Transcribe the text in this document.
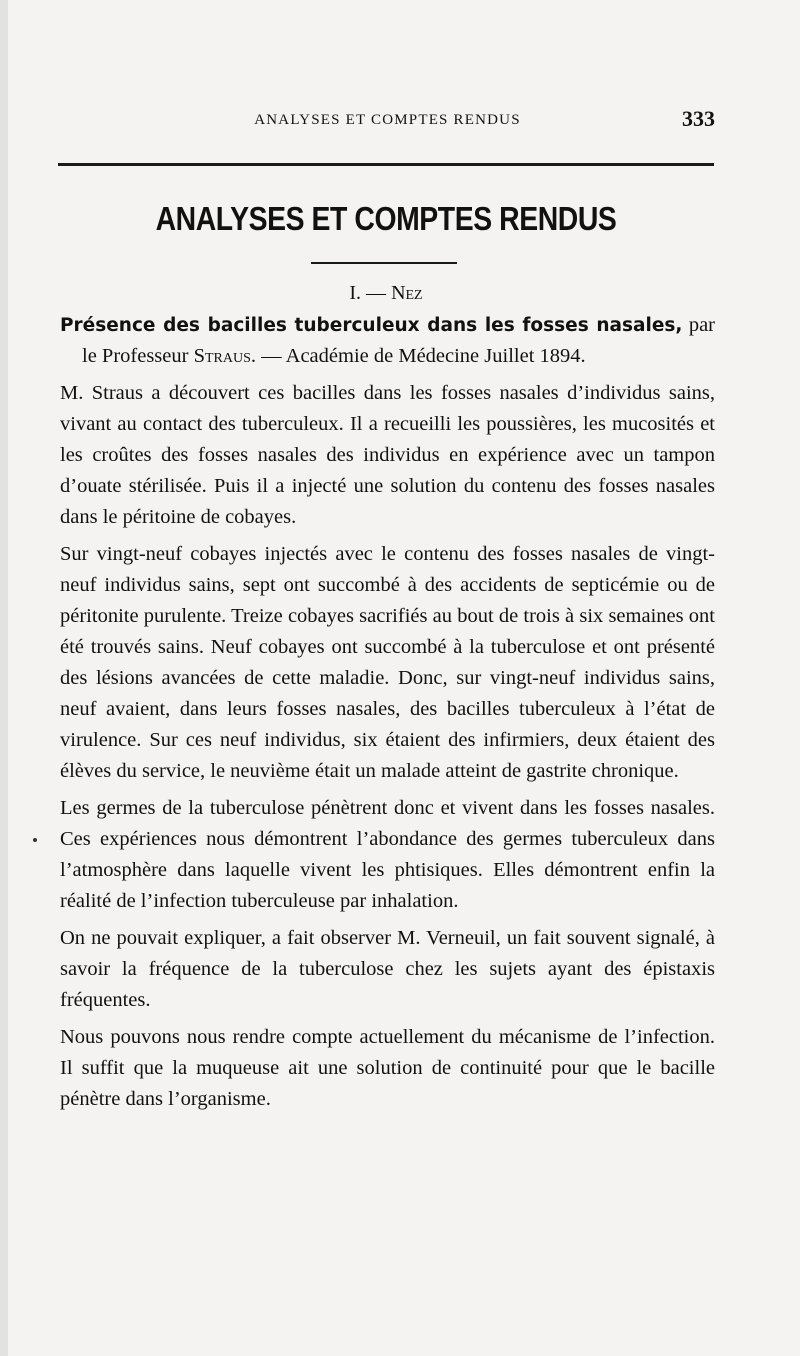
ANALYSES ET COMPTES RENDUS	333
ANALYSES ET COMPTES RENDUS
I. — Nez

Présence des bacilles tuberculeux dans les fosses nasales, par le Professeur Straus. — Académie de Médecine Juillet 1894.

M. Straus a découvert ces bacilles dans les fosses nasales d’individus sains, vivant au contact des tuberculeux. Il a recueilli les poussières, les mucosités et les croûtes des fosses nasales des individus en expérience avec un tampon d’ouate stérilisée. Puis il a injecté une solution du contenu des fosses nasales dans le péritoine de cobayes.

Sur vingt-neuf cobayes injectés avec le contenu des fosses nasales de vingt-neuf individus sains, sept ont succombé à des accidents de septicémie ou de péritonite purulente. Treize cobayes sacrifiés au bout de trois à six semaines ont été trouvés sains. Neuf cobayes ont succombé à la tuberculose et ont présenté des lésions avancées de cette maladie. Donc, sur vingt-neuf individus sains, neuf avaient, dans leurs fosses nasales, des bacilles tuberculeux à l’état de virulence. Sur ces neuf individus, six étaient des infirmiers, deux étaient des élèves du service, le neuvième était un malade atteint de gastrite chronique.

Les germes de la tuberculose pénètrent donc et vivent dans les fosses nasales. Ces expériences nous démontrent l’abondance des germes tuberculeux dans l’atmosphère dans laquelle vivent les phtisiques. Elles démontrent enfin la réalité de l’infection tuberculeuse par inhalation.

On ne pouvait expliquer, a fait observer M. Verneuil, un fait souvent signalé, à savoir la fréquence de la tuberculose chez les sujets ayant des épistaxis fréquentes.

Nous pouvons nous rendre compte actuellement du mécanisme de l’infection. Il suffit que la muqueuse ait une solution de continuité pour que le bacille pénètre dans l’organisme.
